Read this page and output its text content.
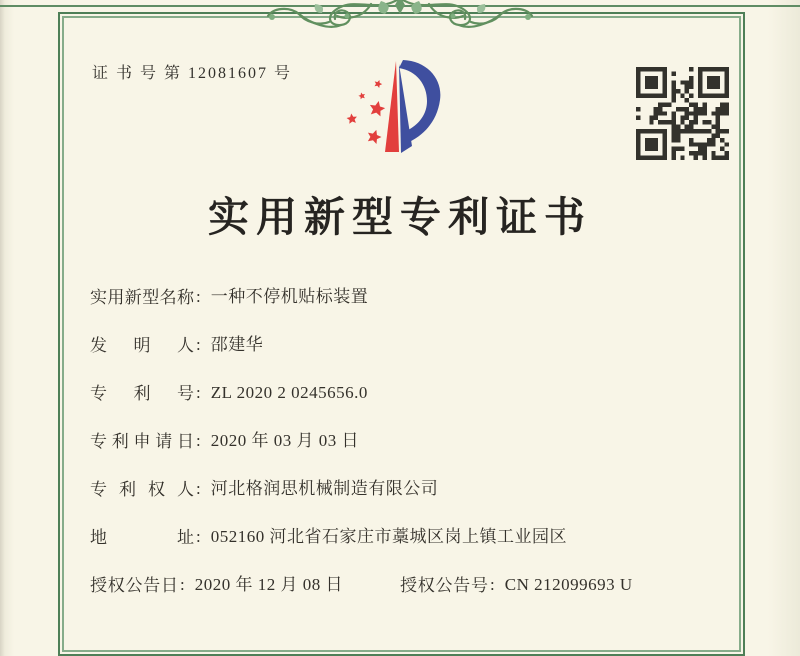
证 书 号 第 12081607 号
实用新型专利证书
实用新型名称 : 一种不停机贴标装置
发明人 : 邵建华
专利号 : ZL 2020 2 0245656.0
专利申请日 : 2020 年 03 月 03 日
专利权人 : 河北格润思机械制造有限公司
地址 : 052160 河北省石家庄市藁城区岗上镇工业园区
授权公告日 : 2020 年 12 月 08 日	授权公告号 : CN 212099693 U
